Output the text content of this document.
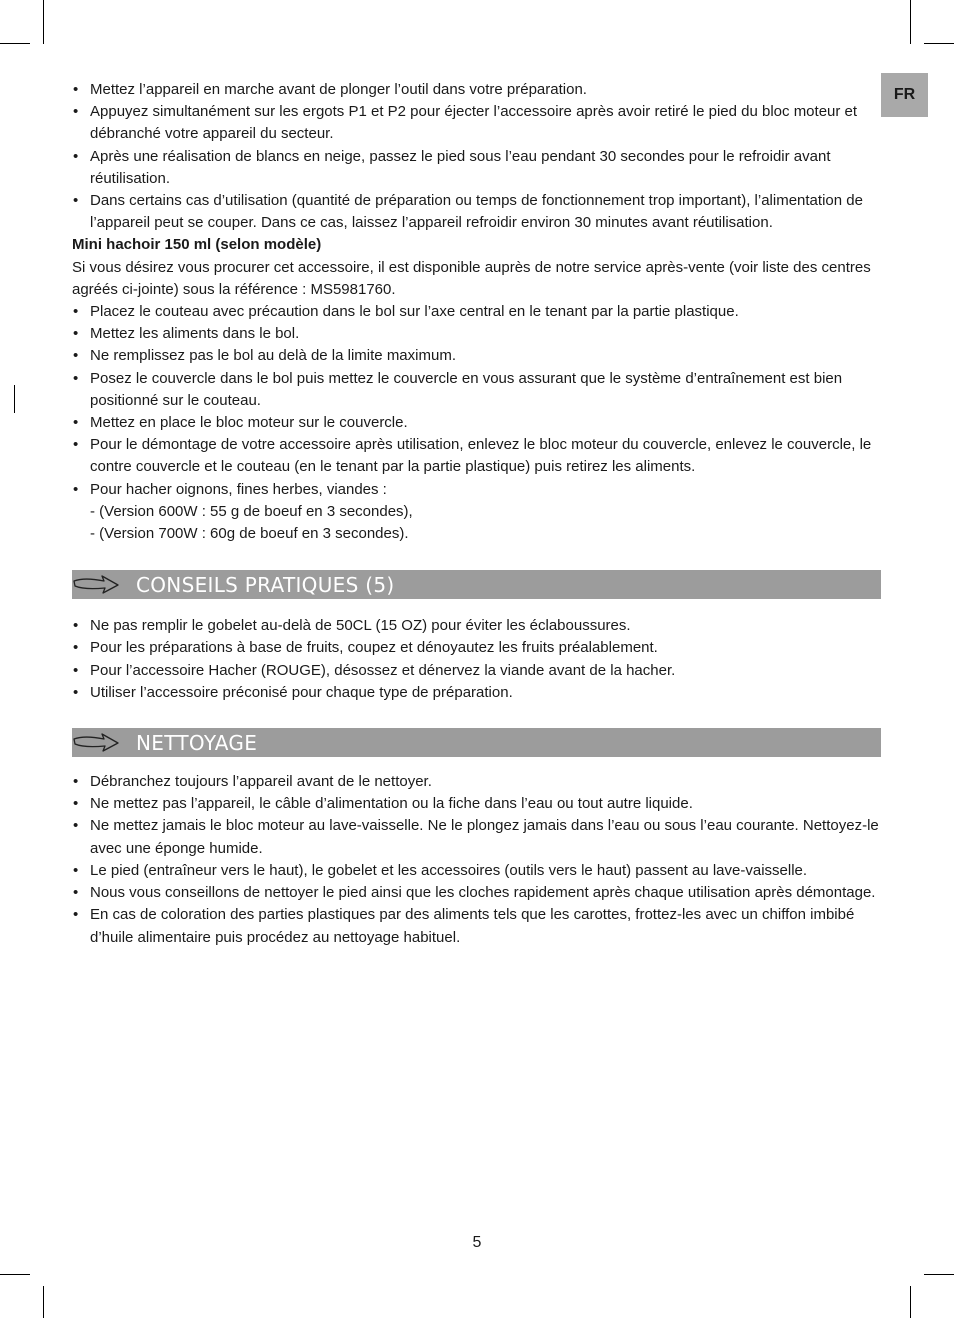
FR
• Mettez l’appareil en marche avant de plonger l’outil dans votre préparation.
• Appuyez simultanément sur les ergots P1 et P2 pour éjecter l’accessoire après avoir retiré le pied du bloc moteur et débranché votre appareil du secteur.
• Après une réalisation de blancs en neige, passez le pied sous l’eau pendant 30 secondes pour le refroidir avant réutilisation.
• Dans certains cas d’utilisation (quantité de préparation ou temps de fonctionnement trop important), l’alimentation de l’appareil peut se couper. Dans ce cas, laissez l’appareil refroidir environ 30 minutes avant réutilisation.

Mini hachoir 150 ml (selon modèle)

Si vous désirez vous procurer cet accessoire, il est disponible auprès de notre service après-vente (voir liste des centres agréés ci-jointe) sous la référence : MS5981760.

• Placez le couteau avec précaution dans le bol sur l’axe central en le tenant par la partie plastique.
• Mettez les aliments dans le bol.
• Ne remplissez pas le bol au delà de la limite maximum.
• Posez le couvercle dans le bol puis mettez le couvercle en vous assurant que le système d’entraînement est bien positionné sur le couteau.
• Mettez en place le bloc moteur sur le couvercle.
• Pour le démontage de votre accessoire après utilisation, enlevez le bloc moteur du couvercle, enlevez le couvercle, le contre couvercle et le couteau (en le tenant par la partie plastique) puis retirez les aliments.
• Pour hacher oignons, fines herbes, viandes :
- (Version 600W : 55 g de boeuf en 3 secondes),
- (Version 700W : 60g de boeuf en 3 secondes).
CONSEILS PRATIQUES (5)
• Ne pas remplir le gobelet au-delà de 50CL (15 OZ) pour éviter les éclaboussures.
• Pour les préparations à base de fruits, coupez et dénoyautez les fruits préalablement.
• Pour l’accessoire Hacher (ROUGE), désossez et dénervez la viande avant de la hacher.
• Utiliser l’accessoire préconisé pour chaque type de préparation.
NETTOYAGE
• Débranchez toujours l’appareil avant de le nettoyer.
• Ne mettez pas l’appareil, le câble d’alimentation ou la fiche dans l’eau ou tout autre liquide.
• Ne mettez jamais le bloc moteur au lave-vaisselle. Ne le plongez jamais dans l’eau ou sous l’eau courante. Nettoyez-le avec une éponge humide.
• Le pied (entraîneur vers le haut), le gobelet et les accessoires (outils vers le haut) passent au lave-vaisselle.
• Nous vous conseillons de nettoyer le pied ainsi que les cloches rapidement après chaque utilisation après démontage.
• En cas de coloration des parties plastiques par des aliments tels que les carottes, frottez-les avec un chiffon imbibé d’huile alimentaire puis procédez au nettoyage habituel.
5
